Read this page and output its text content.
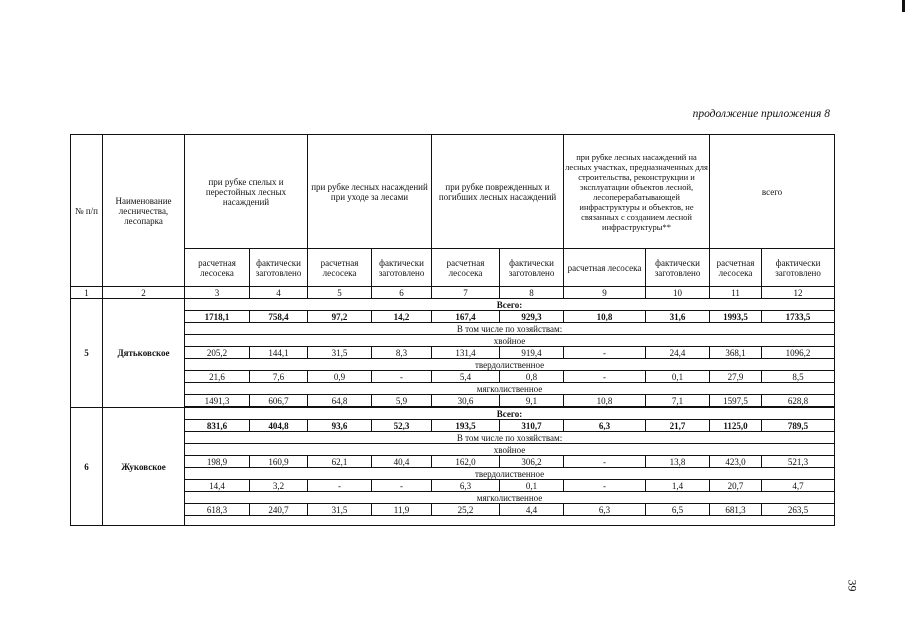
продолжение приложения 8
№ п/п	Наименование лесничества, лесопарка	при рубке спелых и перестойных лесных насаждений		при рубке лесных насаждений при уходе за лесами		при рубке поврежденных и погибших лесных насаждений		при рубке лесных насаждений на лесных участках, предназначенных для строительства, реконструкции и эксплуатации объектов лесной, лесоперерабатывающей инфраструктуры и объектов, не связанных с созданием лесной инфраструктуры**		всего	
		расчетная лесосека	фактически заготовлено	расчетная лесосека	фактически заготовлено	расчетная лесосека	фактически заготовлено	расчетная лесосека	фактически заготовлено	расчетная лесосека	фактически заготовлено
1	2	3	4	5	6	7	8	9	10	11	12
5	Дятьковское	Всего:									
		1718,1	758,4	97,2	14,2	167,4	929,3	10,8	31,6	1993,5	1733,5
		В том числе по хозяйствам:									
		хвойное									
		205,2	144,1	31,5	8,3	131,4	919,4	-	24,4	368,1	1096,2
		твердолиственное									
		21,6	7,6	0,9	-	5,4	0,8	-	0,1	27,9	8,5
		мягколиственное									
		1491,3	606,7	64,8	5,9	30,6	9,1	10,8	7,1	1597,5	628,8

6	Жуковское	Всего:									
		831,6	404,8	93,6	52,3	193,5	310,7	6,3	21,7	1125,0	789,5
		В том числе по хозяйствам:									
		хвойное									
		198,9	160,9	62,1	40,4	162,0	306,2	-	13,8	423,0	521,3
		твердолиственное									
		14,4	3,2	-	-	6,3	0,1	-	1,4	20,7	4,7
		мягколиственное									
		618,3	240,7	31,5	11,9	25,2	4,4	6,3	6,5	681,3	263,5

39
